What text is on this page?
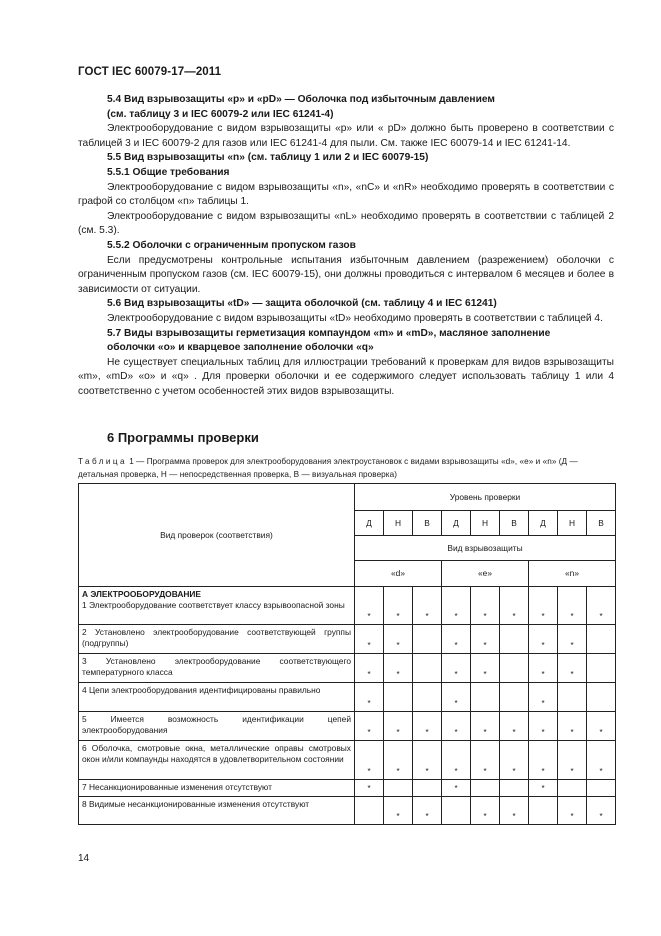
ГОСТ IEC 60079-17—2011
5.4 Вид взрывозащиты «p» и «pD» — Оболочка под избыточным давлением
(см. таблицу 3 и IEC 60079-2 или IEC 61241-4)
Электрооборудование с видом взрывозащиты «p» или « pD» должно быть проверено в соответствии с таблицей 3 и IEC 60079-2 для газов или IEC 61241-4 для пыли. См. также IEC 60079-14 и IEC 61241-14.
5.5 Вид взрывозащиты «n» (см. таблицу 1 или 2 и IEC 60079-15)
5.5.1 Общие требования
Электрооборудование с видом взрывозащиты «n», «nC» и «nR» необходимо проверять в соответствии с графой со столбцом «n» таблицы 1.
Электрооборудование с видом взрывозащиты «nL» необходимо проверять в соответствии с таблицей 2 (см. 5.3).
5.5.2 Оболочки с ограниченным пропуском газов
Если предусмотрены контрольные испытания избыточным давлением (разрежением) оболочки с ограниченным пропуском газов (см. IEC 60079-15), они должны проводиться с интервалом 6 месяцев и более в зависимости от ситуации.
5.6 Вид взрывозащиты «tD» — защита оболочкой (см. таблицу 4 и IEC 61241)
Электрооборудование с видом взрывозащиты «tD» необходимо проверять в соответствии с таблицей 4.
5.7 Виды взрывозащиты герметизация компаундом «m» и «mD», масляное заполнение
оболочки «о» и кварцевое заполнение оболочки «q»
Не существует специальных таблиц для иллюстрации требований к проверкам для видов взрывозащиты «m», «mD» «о» и «q» . Для проверки оболочки и ее содержимого следует использовать таблицу 1 или 4 соответственно с учетом особенностей этих видов взрывозащиты.
6 Программы проверки
Таблица 1 — Программа проверок для электрооборудования электроустановок с видами взрывозащиты «d», «e» и «n» (Д — детальная проверка, Н — непосредственная проверка, В — визуальная проверка)
Вид проверок (соответствия)	Уровень проверки								
	Д	Н	В	Д	Н	В	Д	Н	В
	Вид взрывозащиты								
	«d»			«e»			«n»		

А ЭЛЕКТРООБОРУДОВАНИЕ
1 Электрооборудование соответствует классу взрывоопасной зоны	*	*	*	*	*	*	*	*	*

2 Установлено электрооборудование соответствующей группы (подгруппы)	*	*		*	*		*	*	

3 Установлено электрооборудование соответствующего температурного класса	*	*		*	*		*	*	

4 Цепи электрооборудования идентифицированы правильно	*			*			*		

5 Имеется возможность идентификации цепей электрооборудования	*	*	*	*	*	*	*	*	*

6 Оболочка, смотровые окна, металлические оправы смотровых окон и/или компаунды находятся в удовлетворительном состоянии	*	*	*	*	*	*	*	*	*

7 Несанкционированные изменения отсутствуют	*			*			*		

8 Видимые несанкционированные изменения отсутствуют		*	*		*	*		*	*
14
